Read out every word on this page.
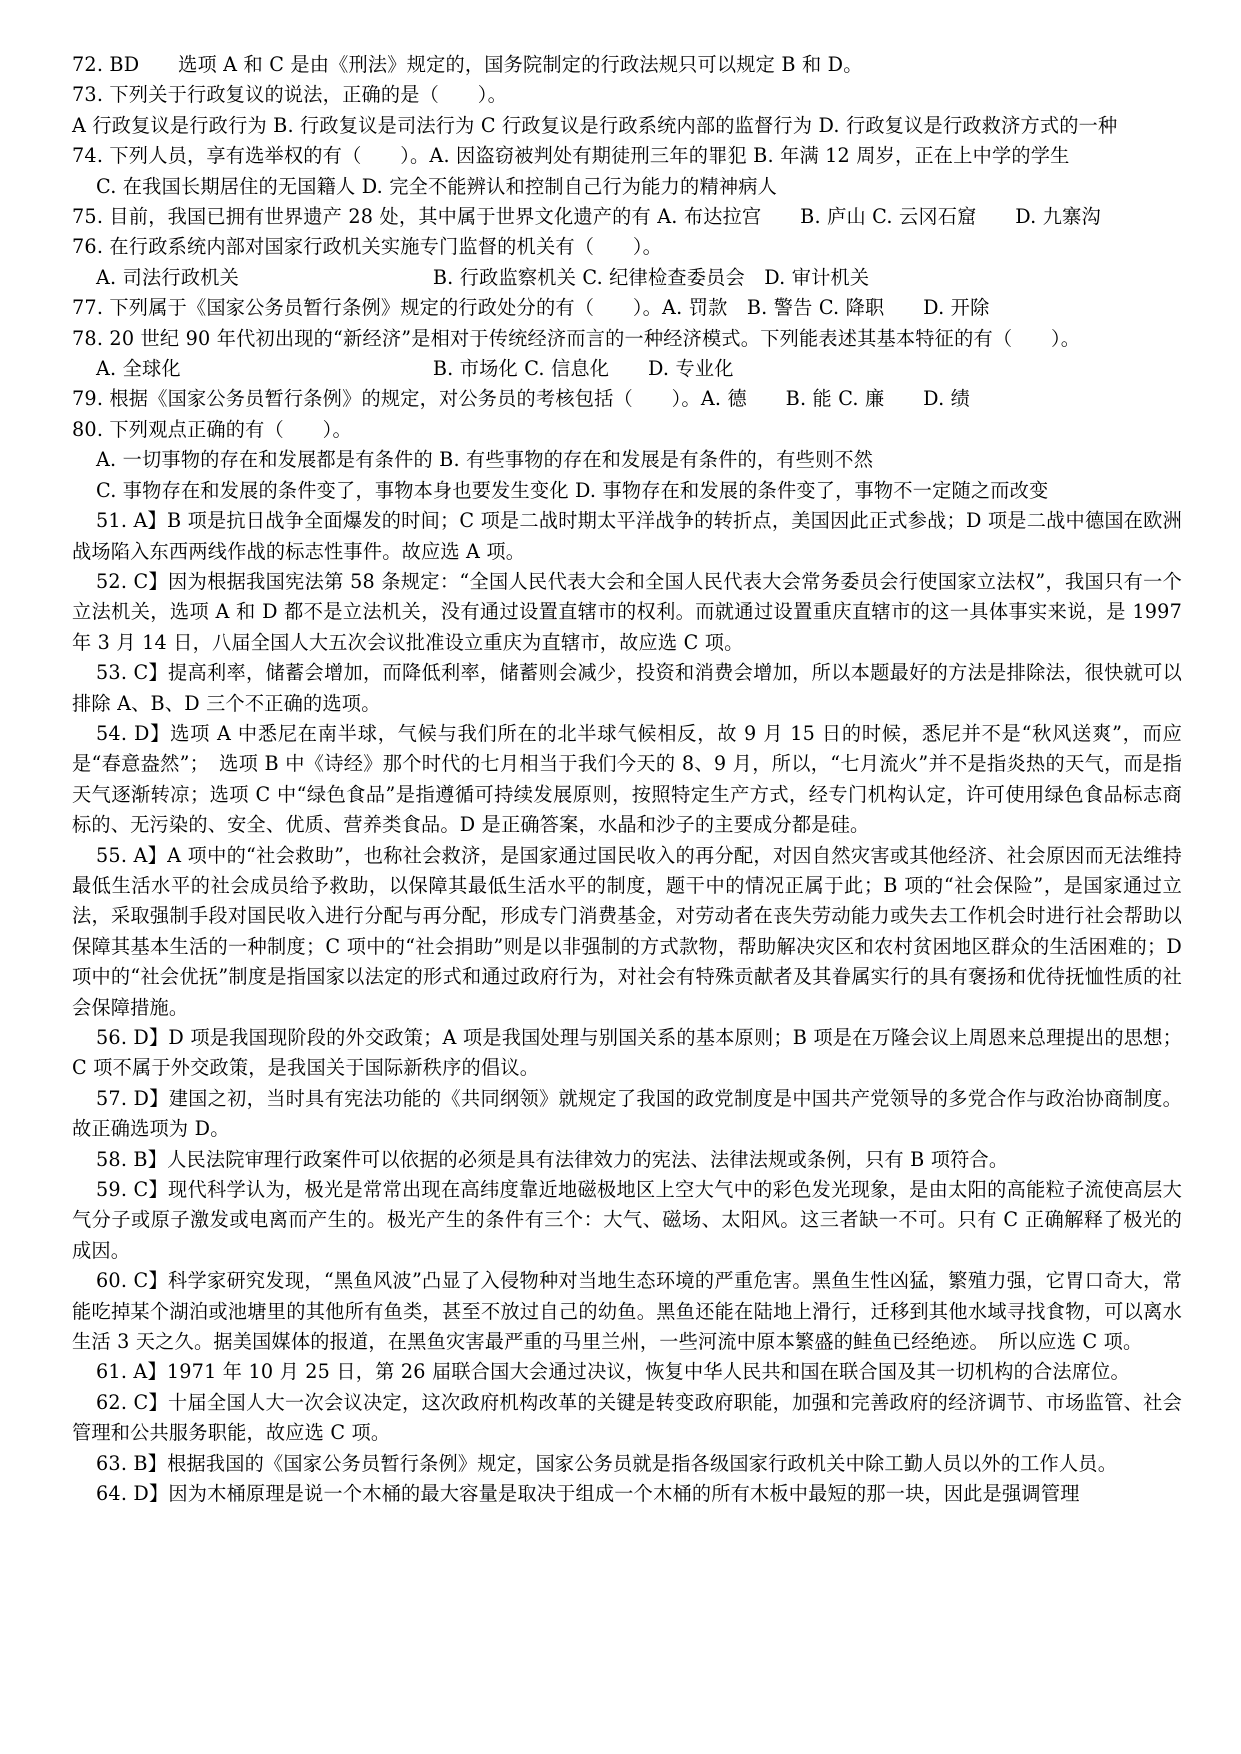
72. BD　　选项 A 和 C 是由《刑法》规定的，国务院制定的行政法规只可以规定 B 和 D。

73. 下列关于行政复议的说法，正确的是（　　）。

A 行政复议是行政行为 B. 行政复议是司法行为 C 行政复议是行政系统内部的监督行为 D. 行政复议是行政救济方式的一种

74. 下列人员，享有选举权的有（　　）。A. 因盗窃被判处有期徒刑三年的罪犯 B. 年满 12 周岁，正在上中学的学生

C. 在我国长期居住的无国籍人 D. 完全不能辨认和控制自己行为能力的精神病人

75. 目前，我国已拥有世界遗产 28 处，其中属于世界文化遗产的有 A. 布达拉宫　　B. 庐山 C. 云冈石窟　　D. 九寨沟

76. 在行政系统内部对国家行政机关实施专门监督的机关有（　　）。

A. 司法行政机关　　　　　　　　　　B. 行政监察机关 C. 纪律检查委员会　D. 审计机关

77. 下列属于《国家公务员暂行条例》规定的行政处分的有（　　）。A. 罚款　B. 警告 C. 降职　　D. 开除

78. 20 世纪 90 年代初出现的“新经济”是相对于传统经济而言的一种经济模式。下列能表述其基本特征的有（　　）。

A. 全球化　　　　　　　　　　　　　B. 市场化 C. 信息化　　D. 专业化

79. 根据《国家公务员暂行条例》的规定，对公务员的考核包括（　　）。A. 德　　B. 能 C. 廉　　D. 绩

80. 下列观点正确的有（　　）。

A. 一切事物的存在和发展都是有条件的 B. 有些事物的存在和发展是有条件的，有些则不然

C. 事物存在和发展的条件变了，事物本身也要发生变化 D. 事物存在和发展的条件变了，事物不一定随之而改变

51. A】B 项是抗日战争全面爆发的时间；C 项是二战时期太平洋战争的转折点，美国因此正式参战；D 项是二战中德国在欧洲战场陷入东西两线作战的标志性事件。故应选 A 项。

52. C】因为根据我国宪法第 58 条规定：“全国人民代表大会和全国人民代表大会常务委员会行使国家立法权”，我国只有一个立法机关，选项 A 和 D 都不是立法机关，没有通过设置直辖市的权利。而就通过设置重庆直辖市的这一具体事实来说，是 1997 年 3 月 14 日，八届全国人大五次会议批准设立重庆为直辖市，故应选 C 项。

53. C】提高利率，储蓄会增加，而降低利率，储蓄则会减少，投资和消费会增加，所以本题最好的方法是排除法，很快就可以排除 A、B、D 三个不正确的选项。

54. D】选项 A 中悉尼在南半球，气候与我们所在的北半球气候相反，故 9 月 15 日的时候，悉尼并不是“秋风送爽”，而应是“春意盎然”；　选项 B 中《诗经》那个时代的七月相当于我们今天的 8、9 月，所以，“七月流火”并不是指炎热的天气，而是指天气逐渐转凉；选项 C 中“绿色食品”是指遵循可持续发展原则，按照特定生产方式，经专门机构认定，许可使用绿色食品标志商标的、无污染的、安全、优质、营养类食品。D 是正确答案，水晶和沙子的主要成分都是硅。

55. A】A 项中的“社会救助”，也称社会救济，是国家通过国民收入的再分配，对因自然灾害或其他经济、社会原因而无法维持最低生活水平的社会成员给予救助，以保障其最低生活水平的制度，题干中的情况正属于此；B 项的“社会保险”，是国家通过立法，采取强制手段对国民收入进行分配与再分配，形成专门消费基金，对劳动者在丧失劳动能力或失去工作机会时进行社会帮助以保障其基本生活的一种制度；C 项中的“社会捐助”则是以非强制的方式款物，帮助解决灾区和农村贫困地区群众的生活困难的；D 项中的“社会优抚”制度是指国家以法定的形式和通过政府行为，对社会有特殊贡献者及其眷属实行的具有褒扬和优待抚恤性质的社会保障措施。

56. D】D 项是我国现阶段的外交政策；A 项是我国处理与别国关系的基本原则；B 项是在万隆会议上周恩来总理提出的思想；C 项不属于外交政策，是我国关于国际新秩序的倡议。

57. D】建国之初，当时具有宪法功能的《共同纲领》就规定了我国的政党制度是中国共产党领导的多党合作与政治协商制度。故正确选项为 D。

58. B】人民法院审理行政案件可以依据的必须是具有法律效力的宪法、法律法规或条例，只有 B 项符合。

59. C】现代科学认为，极光是常常出现在高纬度靠近地磁极地区上空大气中的彩色发光现象，是由太阳的高能粒子流使高层大气分子或原子激发或电离而产生的。极光产生的条件有三个：大气、磁场、太阳风。这三者缺一不可。只有 C 正确解释了极光的成因。

60. C】科学家研究发现，“黑鱼风波”凸显了入侵物种对当地生态环境的严重危害。黑鱼生性凶猛，繁殖力强，它胃口奇大，常能吃掉某个湖泊或池塘里的其他所有鱼类，甚至不放过自己的幼鱼。黑鱼还能在陆地上滑行，迁移到其他水域寻找食物，可以离水生活 3 天之久。据美国媒体的报道，在黑鱼灾害最严重的马里兰州，一些河流中原本繁盛的鲑鱼已经绝迹。　所以应选 C 项。

61. A】1971 年 10 月 25 日，第 26 届联合国大会通过决议，恢复中华人民共和国在联合国及其一切机构的合法席位。

62. C】十届全国人大一次会议决定，这次政府机构改革的关键是转变政府职能，加强和完善政府的经济调节、市场监管、社会管理和公共服务职能，故应选 C 项。

63. B】根据我国的《国家公务员暂行条例》规定，国家公务员就是指各级国家行政机关中除工勤人员以外的工作人员。

64. D】因为木桶原理是说一个木桶的最大容量是取决于组成一个木桶的所有木板中最短的那一块，因此是强调管理
